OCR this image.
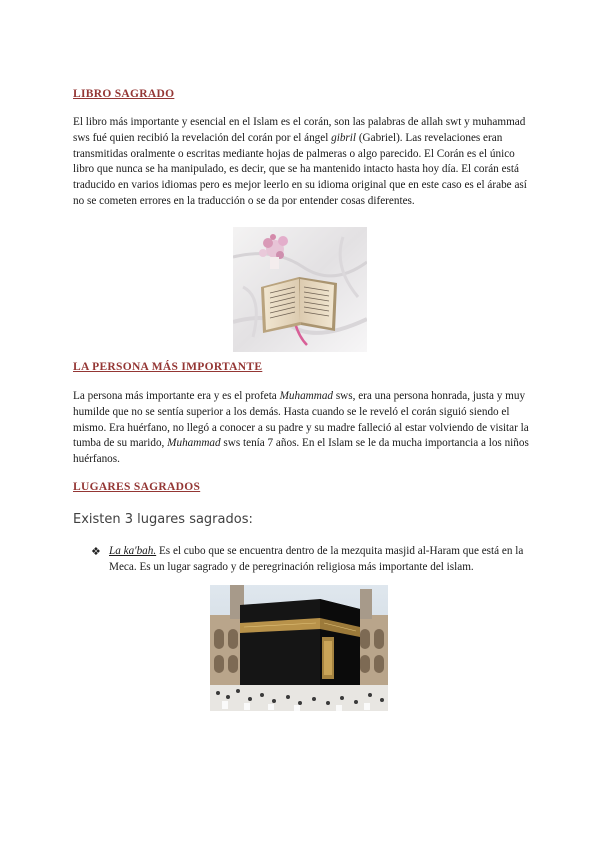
LIBRO SAGRADO
El libro más importante y esencial en el Islam es el corán, son las palabras de allah swt y muhammad sws fué quien recibió la revelación del corán por el ángel gibril (Gabriel). Las revelaciones eran transmitidas oralmente o escritas mediante hojas de palmeras o algo parecido. El Corán es el único libro que nunca se ha manipulado, es decir, que se ha mantenido intacto hasta hoy día. El corán está traducido en varios idiomas pero es mejor leerlo en su idioma original que en este caso es el árabe así no se cometen errores en la traducción o se da por entender cosas diferentes.
LA PERSONA MÁS IMPORTANTE
La persona más importante era y es el profeta Muhammad sws, era una persona honrada, justa y muy humilde que no se sentía superior a los demás. Hasta cuando se le reveló el corán siguió siendo el mismo. Era huérfano, no llegó a conocer a su padre y su madre falleció al estar volviendo de visitar la tumba de su marido, Muhammad sws tenía 7 años. En el Islam se le da mucha importancia a los niños huérfanos.
LUGARES SAGRADOS
Existen 3 lugares sagrados:
❖ La ka'bah. Es el cubo que se encuentra dentro de la mezquita masjid al-Haram que está en la Meca. Es un lugar sagrado y de peregrinación religiosa más importante del islam.
